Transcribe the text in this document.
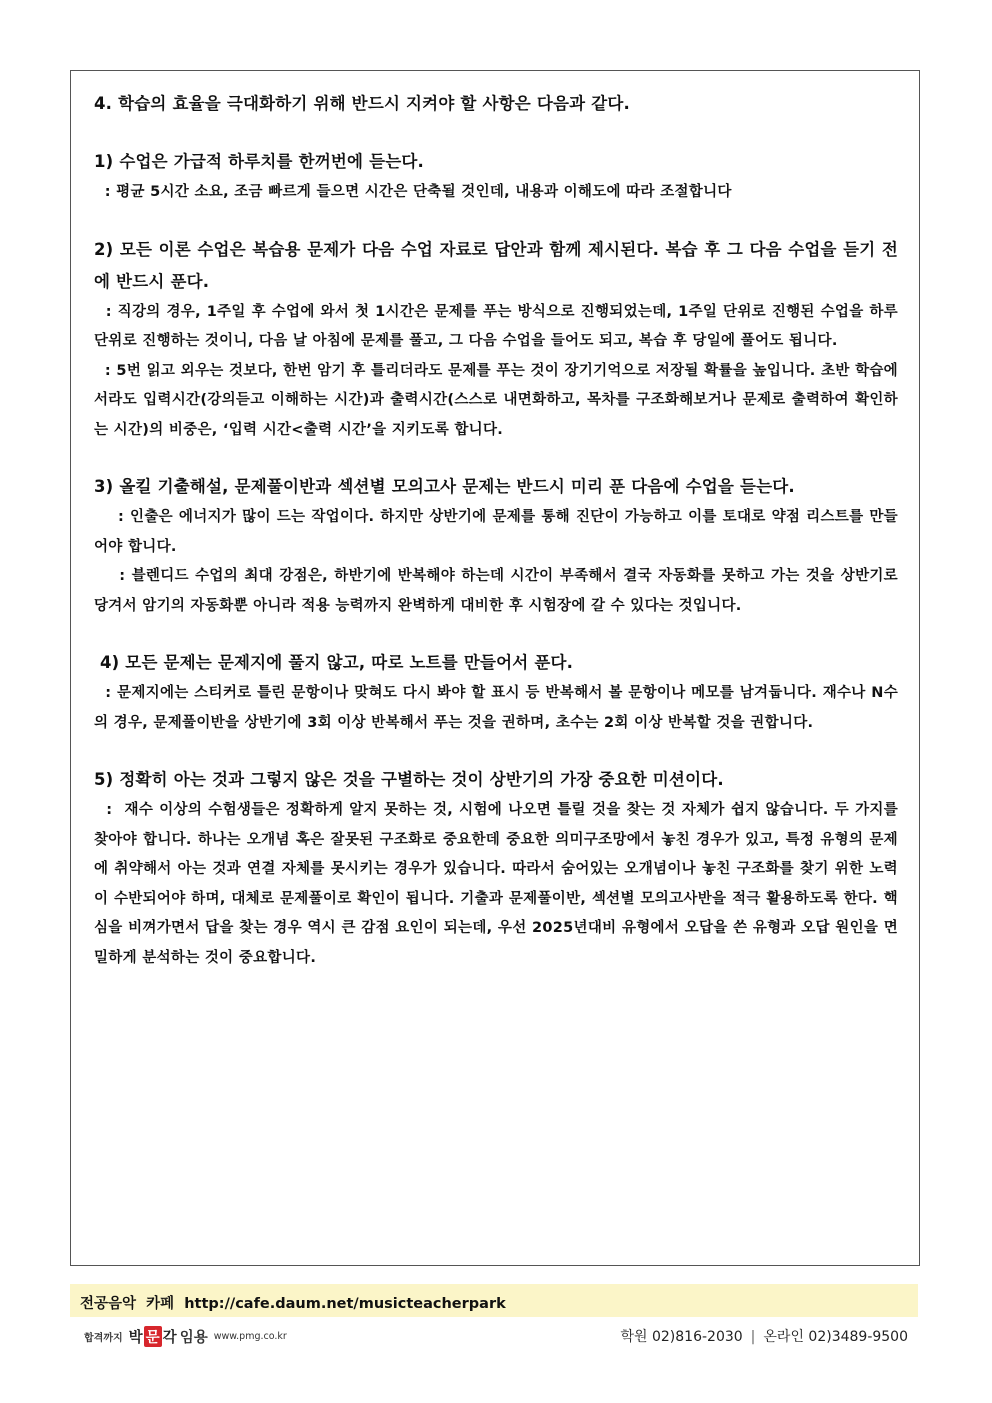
4. 학습의 효율을 극대화하기 위해 반드시 지켜야 할 사항은 다음과 같다.

1) 수업은 가급적 하루치를 한꺼번에 듣는다.

: 평균 5시간 소요, 조금 빠르게 들으면 시간은 단축될 것인데, 내용과 이해도에 따라 조절합니다

2) 모든 이론 수업은 복습용 문제가 다음 수업 자료로 답안과 함께 제시된다. 복습 후 그 다음 수업을 듣기 전에 반드시 푼다.

: 직강의 경우, 1주일 후 수업에 와서 첫 1시간은 문제를 푸는 방식으로 진행되었는데, 1주일 단위로 진행된 수업을 하루 단위로 진행하는 것이니, 다음 날 아침에 문제를 풀고, 그 다음 수업을 들어도 되고, 복습 후 당일에 풀어도 됩니다.

: 5번 읽고 외우는 것보다, 한번 암기 후 틀리더라도 문제를 푸는 것이 장기기억으로 저장될 확률을 높입니다. 초반 학습에서라도 입력시간(강의듣고 이해하는 시간)과 출력시간(스스로 내면화하고, 목차를 구조화해보거나 문제로 출력하여 확인하는 시간)의 비중은, ‘입력 시간<출력 시간’을 지키도록 합니다.

3) 올킬 기출해설, 문제풀이반과 섹션별 모의고사 문제는 반드시 미리 푼 다음에 수업을 듣는다.

: 인출은 에너지가 많이 드는 작업이다. 하지만 상반기에 문제를 통해 진단이 가능하고 이를 토대로 약점 리스트를 만들어야 합니다.

: 블렌디드 수업의 최대 강점은, 하반기에 반복해야 하는데 시간이 부족해서 결국 자동화를 못하고 가는 것을 상반기로 당겨서 암기의 자동화뿐 아니라 적용 능력까지 완벽하게 대비한 후 시험장에 갈 수 있다는 것입니다.

4) 모든 문제는 문제지에 풀지 않고, 따로 노트를 만들어서 푼다.

: 문제지에는 스티커로 틀린 문항이나 맞혀도 다시 봐야 할 표시 등 반복해서 볼 문항이나 메모를 남겨둡니다. 재수나 N수의 경우, 문제풀이반을 상반기에 3회 이상 반복해서 푸는 것을 권하며, 초수는 2회 이상 반복할 것을 권합니다.

5) 정확히 아는 것과 그렇지 않은 것을 구별하는 것이 상반기의 가장 중요한 미션이다.

:  재수 이상의 수험생들은 정확하게 알지 못하는 것, 시험에 나오면 틀릴 것을 찾는 것 자체가 쉽지 않습니다. 두 가지를 찾아야 합니다. 하나는 오개념 혹은 잘못된 구조화로 중요한데 중요한 의미구조망에서 놓친 경우가 있고, 특정 유형의 문제에 취약해서 아는 것과 연결 자체를 못시키는 경우가 있습니다. 따라서 숨어있는 오개념이나 놓친 구조화를 찾기 위한 노력이 수반되어야 하며, 대체로 문제풀이로 확인이 됩니다. 기출과 문제풀이반, 섹션별 모의고사반을 적극 활용하도록 한다. 핵심을 비껴가면서 답을 찾는 경우 역시 큰 감점 요인이 되는데, 우선 2025년대비 유형에서 오답을 쓴 유형과 오답 원인을 면밀하게 분석하는 것이 중요합니다.

전공음악  카페  http://cafe.daum.net/musicteacherpark
합격까지 박 문 각 임용 www.pmg.co.kr	학원 02)816-2030 | 온라인 02)3489-9500
